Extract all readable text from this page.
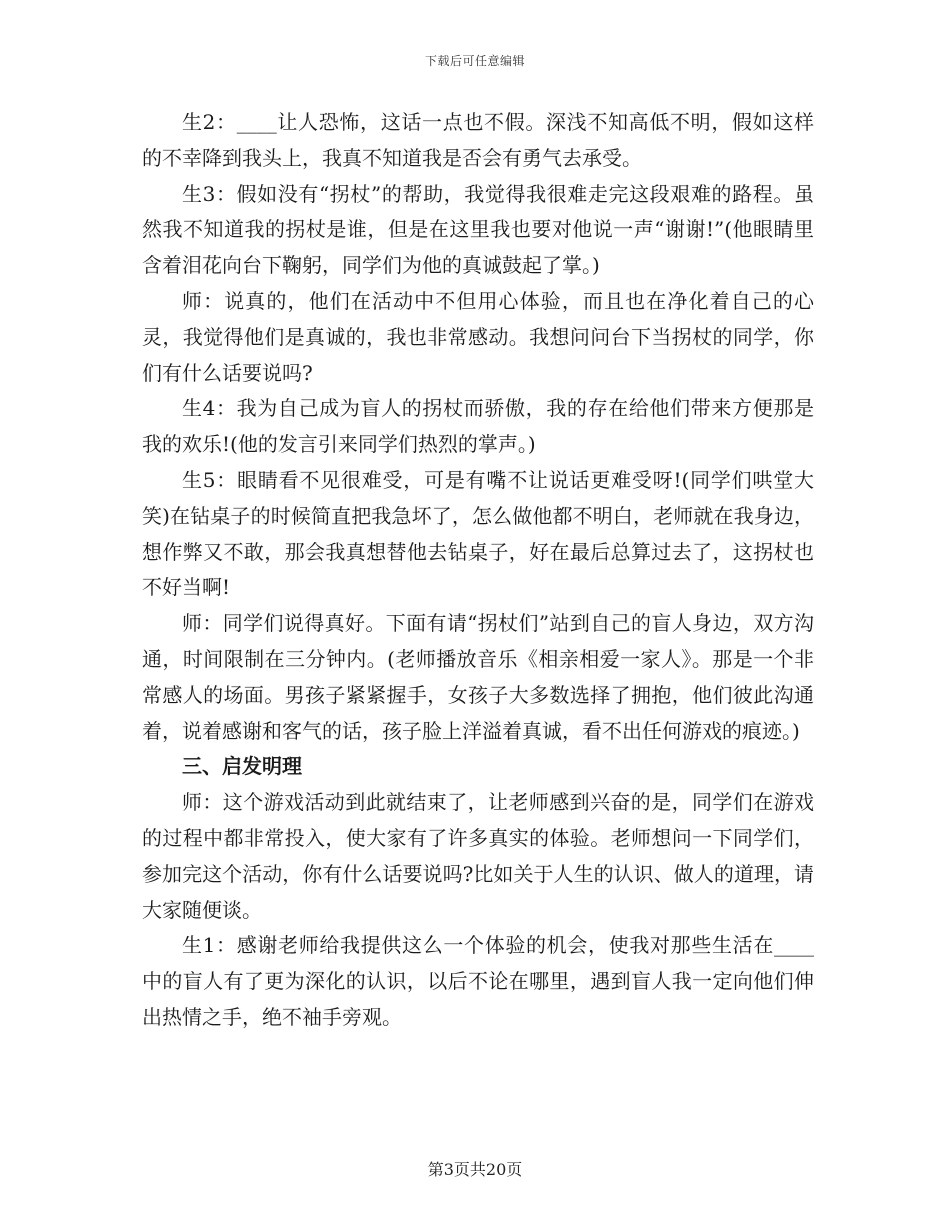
下载后可任意编辑

生2：____让人恐怖，这话一点也不假。深浅不知高低不明，假如这样的不幸降到我头上，我真不知道我是否会有勇气去承受。

生3：假如没有“拐杖”的帮助，我觉得我很难走完这段艰难的路程。虽然我不知道我的拐杖是谁，但是在这里我也要对他说一声“谢谢!”(他眼睛里含着泪花向台下鞠躬，同学们为他的真诚鼓起了掌。)

师：说真的，他们在活动中不但用心体验，而且也在净化着自己的心灵，我觉得他们是真诚的，我也非常感动。我想问问台下当拐杖的同学，你们有什么话要说吗?

生4：我为自己成为盲人的拐杖而骄傲，我的存在给他们带来方便那是我的欢乐!(他的发言引来同学们热烈的掌声。)

生5：眼睛看不见很难受，可是有嘴不让说话更难受呀!(同学们哄堂大笑)在钻桌子的时候简直把我急坏了，怎么做他都不明白，老师就在我身边，想作弊又不敢，那会我真想替他去钻桌子，好在最后总算过去了，这拐杖也不好当啊!

师：同学们说得真好。下面有请“拐杖们”站到自己的盲人身边，双方沟通，时间限制在三分钟内。(老师播放音乐《相亲相爱一家人》。那是一个非常感人的场面。男孩子紧紧握手，女孩子大多数选择了拥抱，他们彼此沟通着，说着感谢和客气的话，孩子脸上洋溢着真诚，看不出任何游戏的痕迹。)

三、启发明理

师：这个游戏活动到此就结束了，让老师感到兴奋的是，同学们在游戏的过程中都非常投入，使大家有了许多真实的体验。老师想问一下同学们，参加完这个活动，你有什么话要说吗?比如关于人生的认识、做人的道理，请大家随便谈。

生1：感谢老师给我提供这么一个体验的机会，使我对那些生活在____中的盲人有了更为深化的认识，以后不论在哪里，遇到盲人我一定向他们伸出热情之手，绝不袖手旁观。

第3页共20页
